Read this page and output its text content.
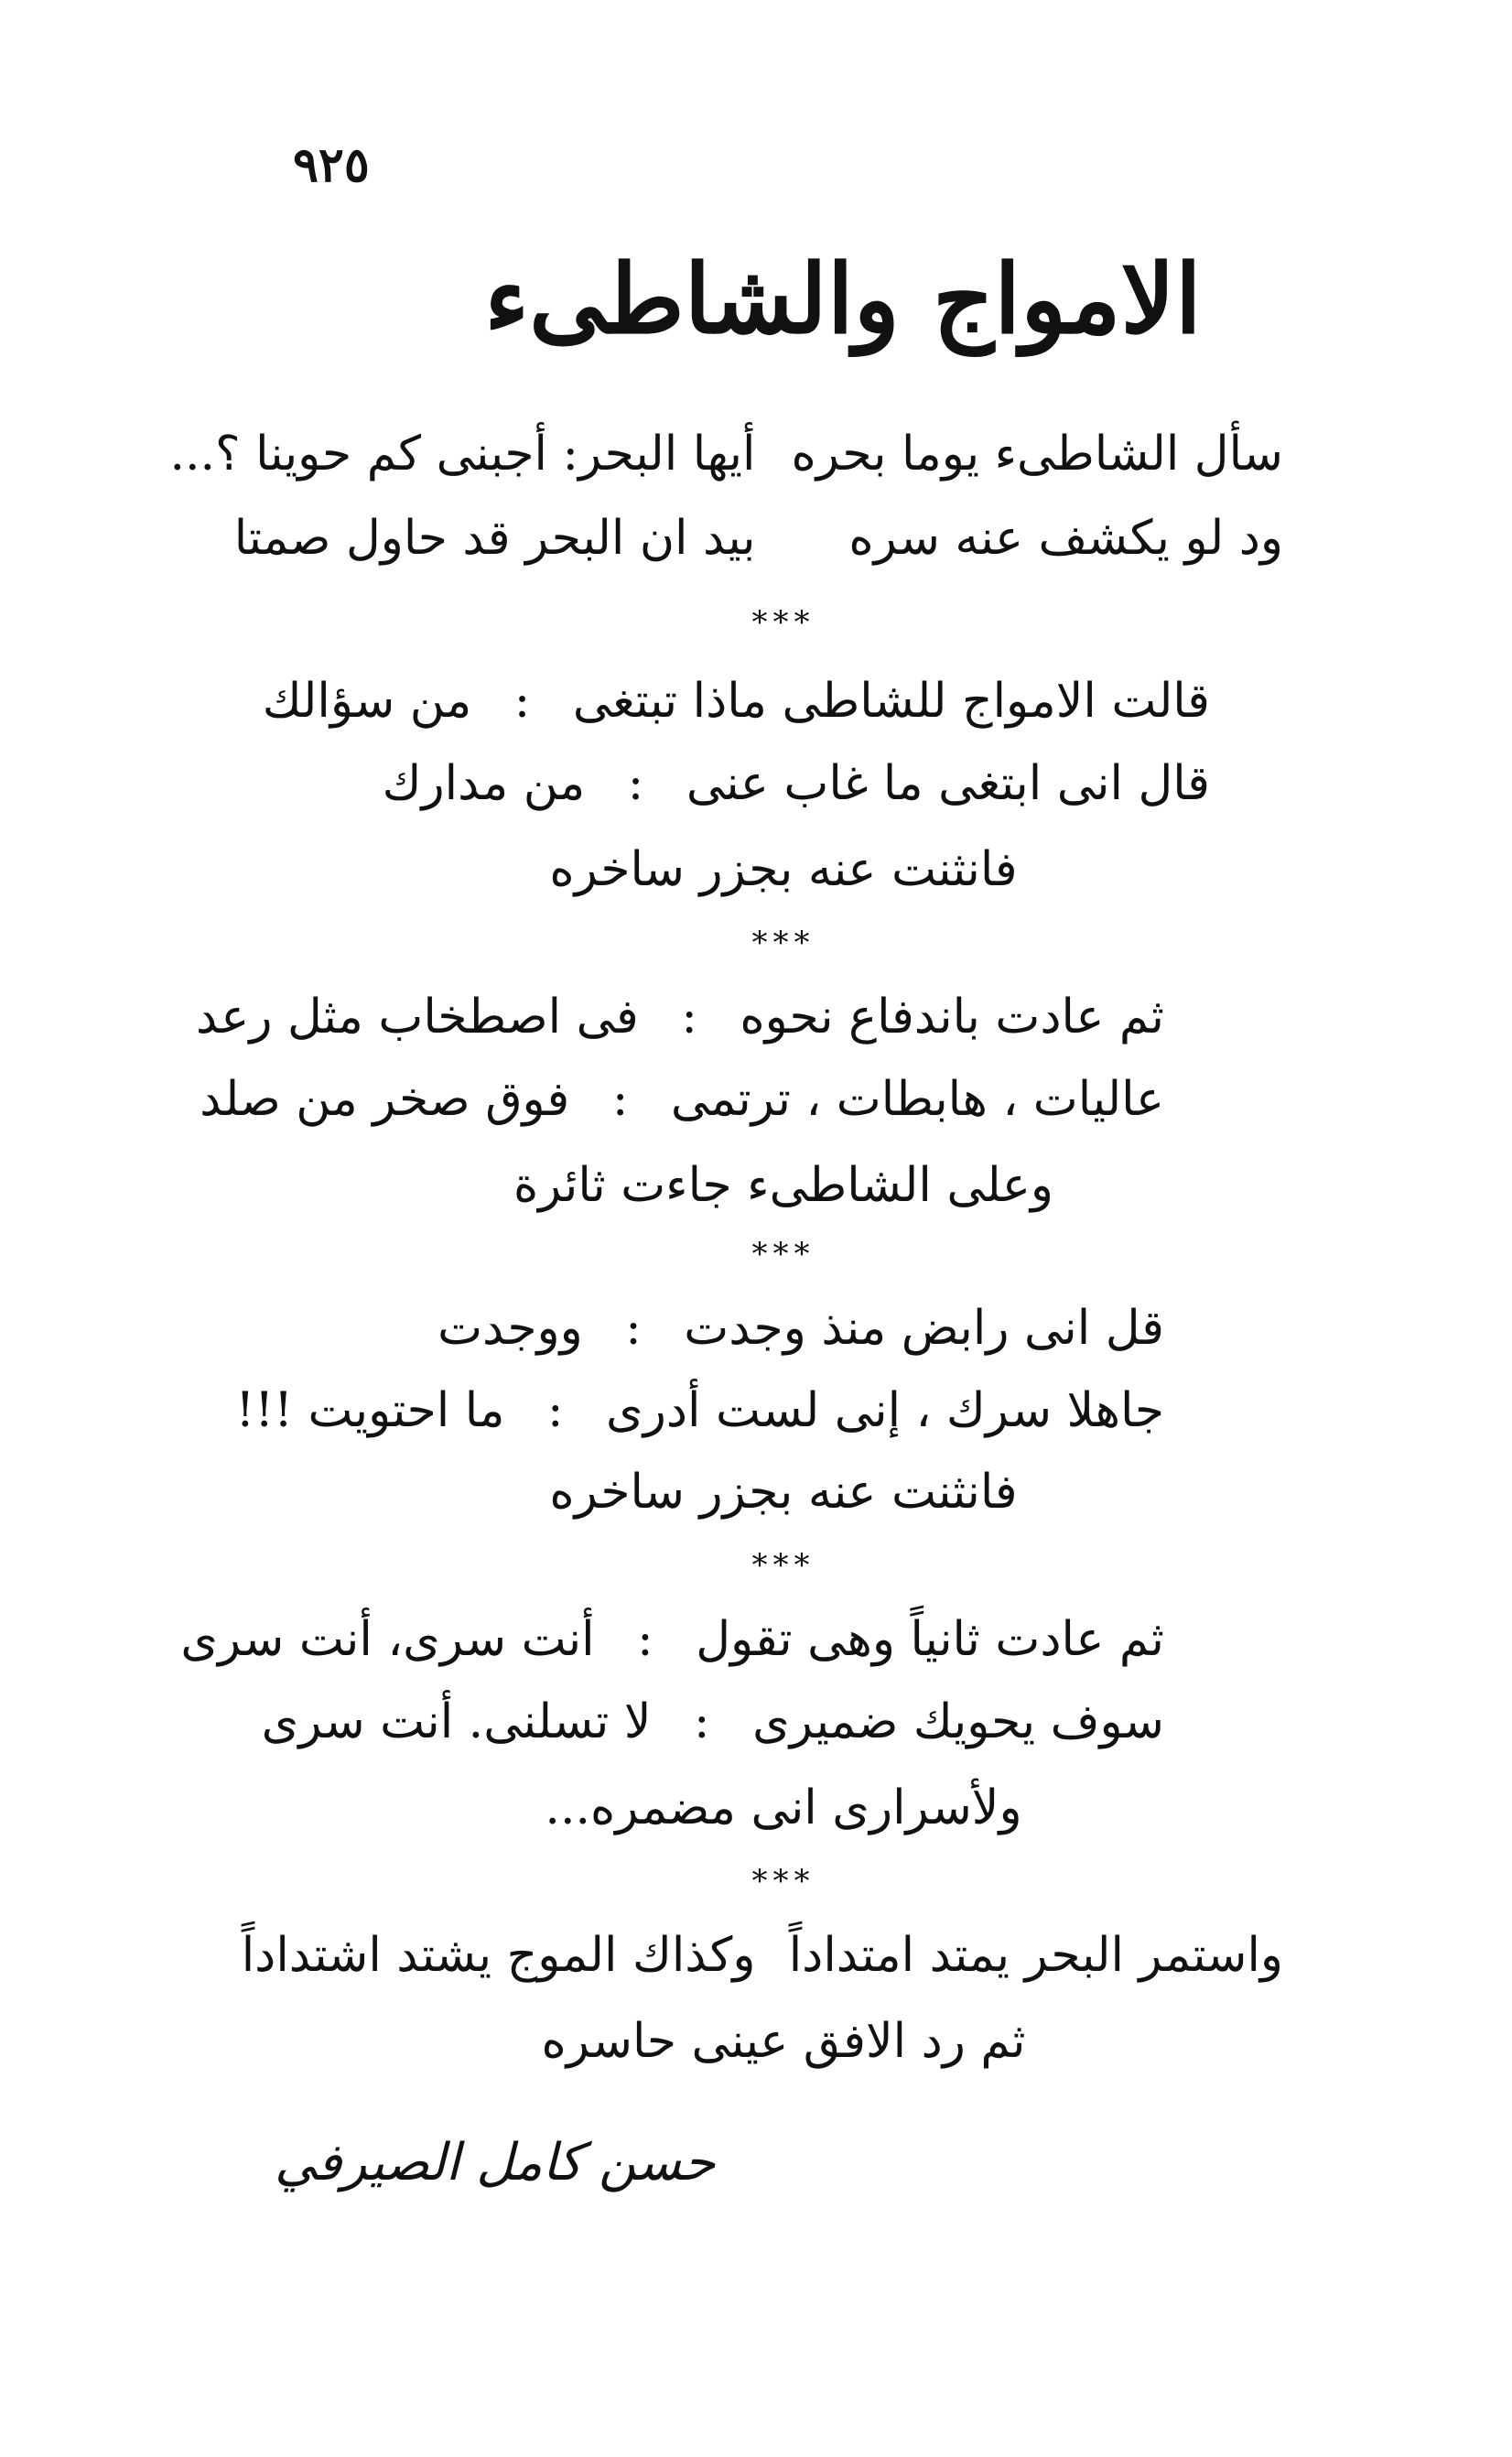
٩٢٥
الامواج والشاطىء
سأل الشاطىء يوما بحره أيها البحر: أجبنى كم حوينا ؟...
ود لو يكشف عنه سره بيد ان البحر قد حاول صمتا
***
قالت الامواج للشاطى ماذا تبتغى : من سؤالك
قال انى ابتغى ما غاب عنى : من مدارك
فانثنت عنه بجزر ساخره
***
ثم عادت باندفاع نحوه : فى اصطخاب مثل رعد
عاليات ، هابطات ، ترتمى : فوق صخر من صلد
وعلى الشاطىء جاءت ثائرة
***
قل انى رابض منذ وجدت : ووجدت
جاهلا سرك ، إنى لست أدرى : ما احتويت !!!
فانثنت عنه بجزر ساخره
***
ثم عادت ثانياً وهى تقول : أنت سرى، أنت سرى
سوف يحويك ضميرى : لا تسلنى. أنت سرى
ولأسرارى انى مضمره...
***
واستمر البحر يمتد امتداداً وكذاك الموج يشتد اشتداداً
ثم رد الافق عينى حاسره
حسن كامل الصيرفي
